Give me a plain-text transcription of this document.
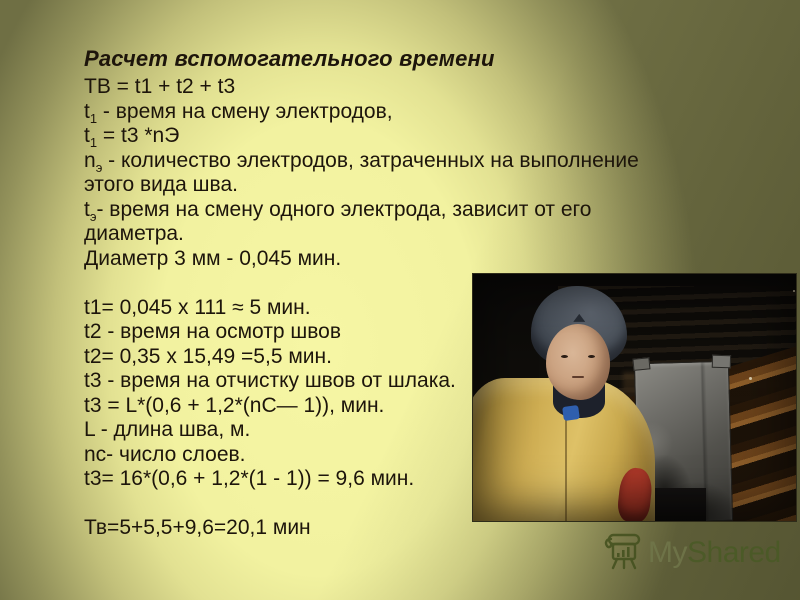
Расчет вспомогательного времени
ТВ = t1 + t2 + t3
$t_1$ - время на смену электродов,
$t_1 = t3$ *nЭ
$n_э$ - количество электродов, затраченных на выполнение
этого вида шва.
$t_э-$ время на смену одного электрода, зависит от его
диаметра.
Диаметр 3 мм - 0,045 мин.

t1= 0,045 x 111 ≈ 5 мин.
t2 - время на осмотр швов
t2= 0,35 x 15,49 =5,5 мин.
t3 - время на отчистку швов от шлака.
t3 = L*(0,6 + 1,2*(nС— 1)), мин.
L - длина шва, м.
nc- число слоев.
t3= 16*(0,6 + 1,2*(1 - 1)) = 9,6 мин.

Тв=5+5,5+9,6=20,1 мин
MyShared
